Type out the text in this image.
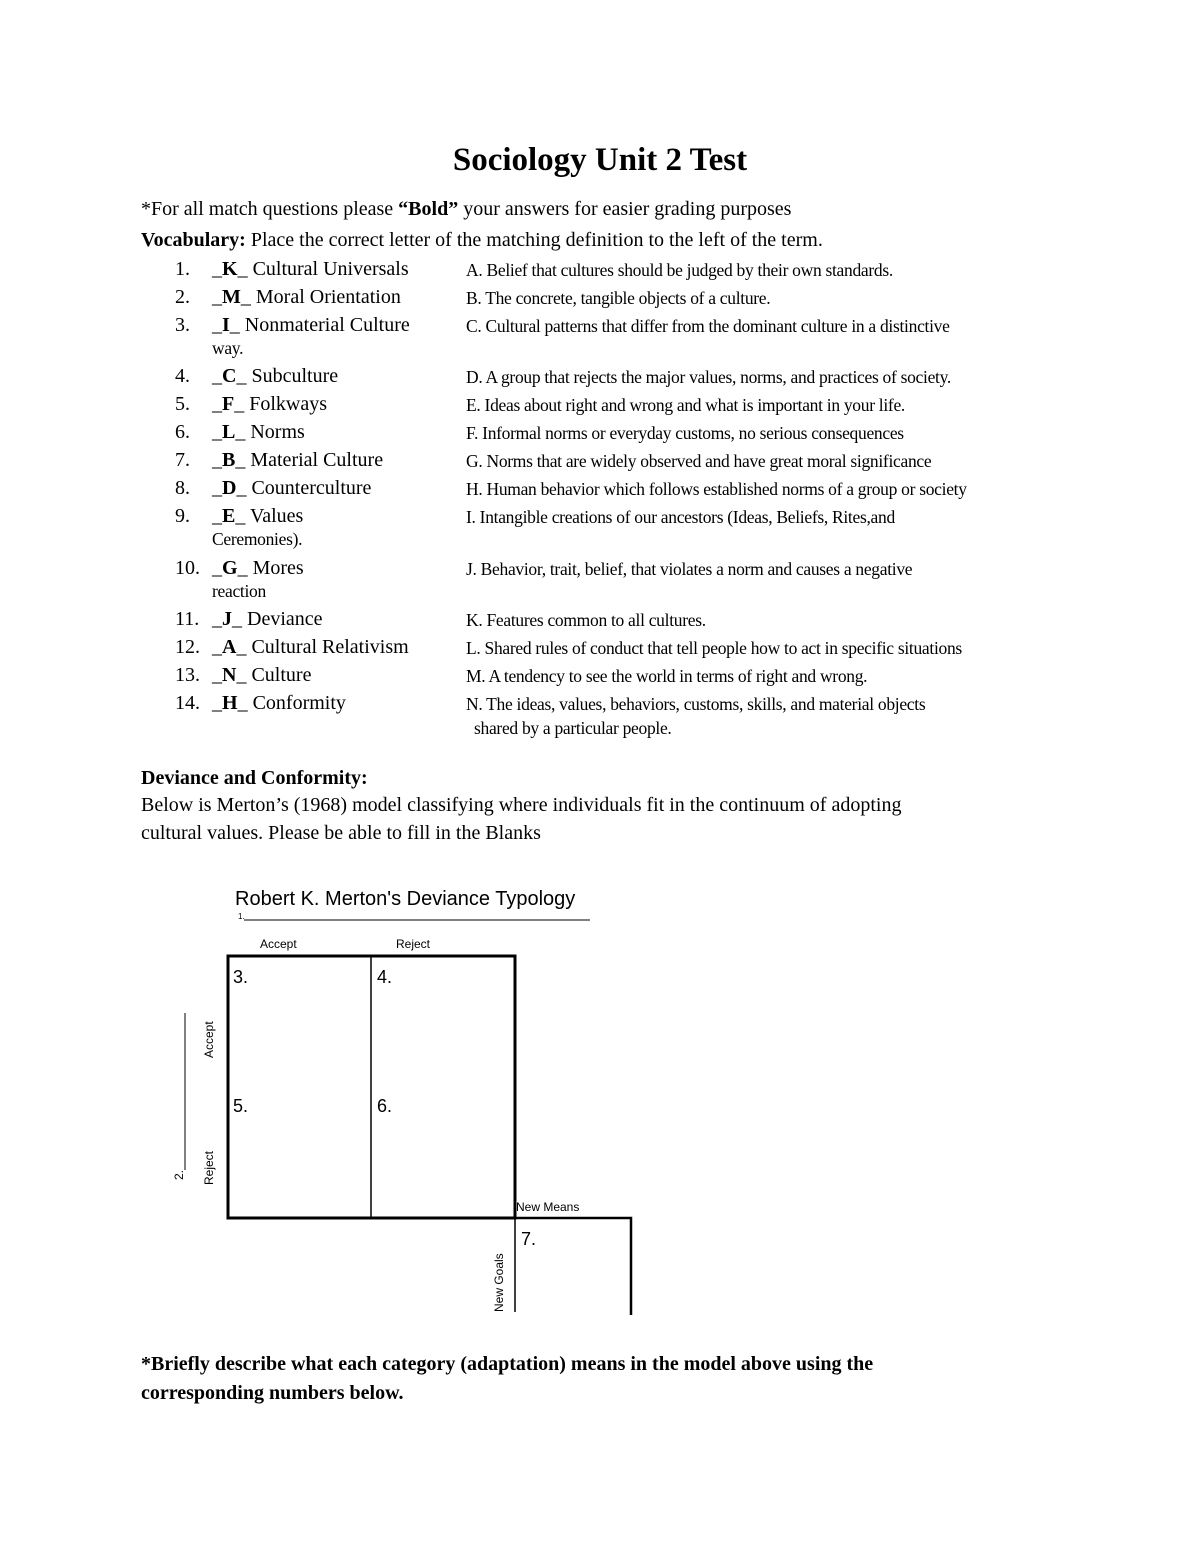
Sociology Unit 2 Test
*For all match questions please “Bold” your answers for easier grading purposes
Vocabulary: Place the correct letter of the matching definition to the left of the term.
1. _K_ Cultural Universals	A. Belief that cultures should be judged by their own standards.
2. _M_ Moral Orientation	B. The concrete, tangible objects of a culture.
3. _I_ Nonmaterial Culture	C. Cultural patterns that differ from the dominant culture in a distinctive
way.
4. _C_ Subculture	D. A group that rejects the major values, norms, and practices of society.
5. _F_ Folkways	E. Ideas about right and wrong and what is important in your life.
6. _L_ Norms	F. Informal norms or everyday customs, no serious consequences
7. _B_ Material Culture	G. Norms that are widely observed and have great moral significance
8. _D_ Counterculture	H. Human behavior which follows established norms of a group or society
9. _E_ Values	I. Intangible creations of our ancestors (Ideas, Beliefs, Rites,and
Ceremonies).
10. _G_ Mores	J. Behavior, trait, belief, that violates a norm and causes a negative
reaction
11. _J_ Deviance	K. Features common to all cultures.
12. _A_ Cultural Relativism	L. Shared rules of conduct that tell people how to act in specific situations
13. _N_ Culture	M. A tendency to see the world in terms of right and wrong.
14. _H_ Conformity	N. The ideas, values, behaviors, customs, skills, and material objects
shared by a particular people.
Deviance and Conformity:
Below is Merton’s (1968) model classifying where individuals fit in the continuum of adopting
cultural values. Please be able to fill in the Blanks
Robert K. Merton's Deviance Typology
1.
Accept	Reject
3.	4.
5.	6.
2.
Accept
Reject
New Means
7.
New Goals
*Briefly describe what each category (adaptation) means in the model above using the
corresponding numbers below.
